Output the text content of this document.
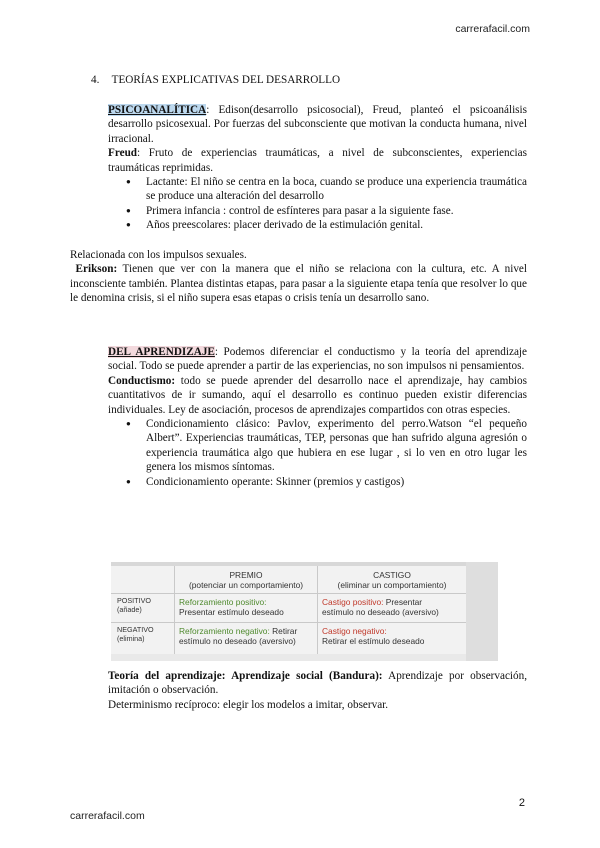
carrerafacil.com
4. TEORÍAS EXPLICATIVAS DEL DESARROLLO

PSICOANALÍTICA: Edison(desarrollo psicosocial), Freud, planteó el psicoanálisis desarrollo psicosexual. Por fuerzas del subconsciente que motivan la conducta humana, nivel irracional.

Freud: Fruto de experiencias traumáticas, a nivel de subconscientes, experiencias traumáticas reprimidas.

● Lactante: El niño se centra en la boca, cuando se produce una experiencia traumática se produce una alteración del desarrollo
● Primera infancia : control de esfínteres para pasar a la siguiente fase.
● Años preescolares: placer derivado de la estimulación genital.

Relacionada con los impulsos sexuales.

Erikson: Tienen que ver con la manera que el niño se relaciona con la cultura, etc. A nivel inconsciente también. Plantea distintas etapas, para pasar a la siguiente etapa tenía que resolver lo que le denomina crisis, si el niño supera esas etapas o crisis tenía un desarrollo sano.

DEL APRENDIZAJE: Podemos diferenciar el conductismo y la teoría del aprendizaje social. Todo se puede aprender a partir de las experiencias, no son impulsos ni pensamientos.

Conductismo: todo se puede aprender del desarrollo nace el aprendizaje, hay cambios cuantitativos de ir sumando, aquí el desarrollo es continuo pueden existir diferencias individuales. Ley de asociación, procesos de aprendizajes compartidos con otras especies.

● Condicionamiento clásico: Pavlov, experimento del perro.Watson “el pequeño Albert”. Experiencias traumáticas, TEP, personas que han sufrido alguna agresión o experiencia traumática algo que hubiera en ese lugar , si lo ven en otro lugar les genera los mismos síntomas.
● Condicionamiento operante: Skinner (premios y castigos)
PREMIO
(potenciar un comportamiento)
CASTIGO
(eliminar un comportamiento)
POSITIVO
(añade)
NEGATIVO
(elimina)
Reforzamiento positivo:
Presentar estímulo deseado
Castigo positivo: Presentar
estímulo no deseado (aversivo)
Reforzamiento negativo: Retirar
estímulo no deseado (aversivo)
Castigo negativo:
Retirar el estímulo deseado

Teoría del aprendizaje: Aprendizaje social (Bandura): Aprendizaje por observación, imitación o observación.

Determinismo recíproco: elegir los modelos a imitar, observar.

2
carrerafacil.com
